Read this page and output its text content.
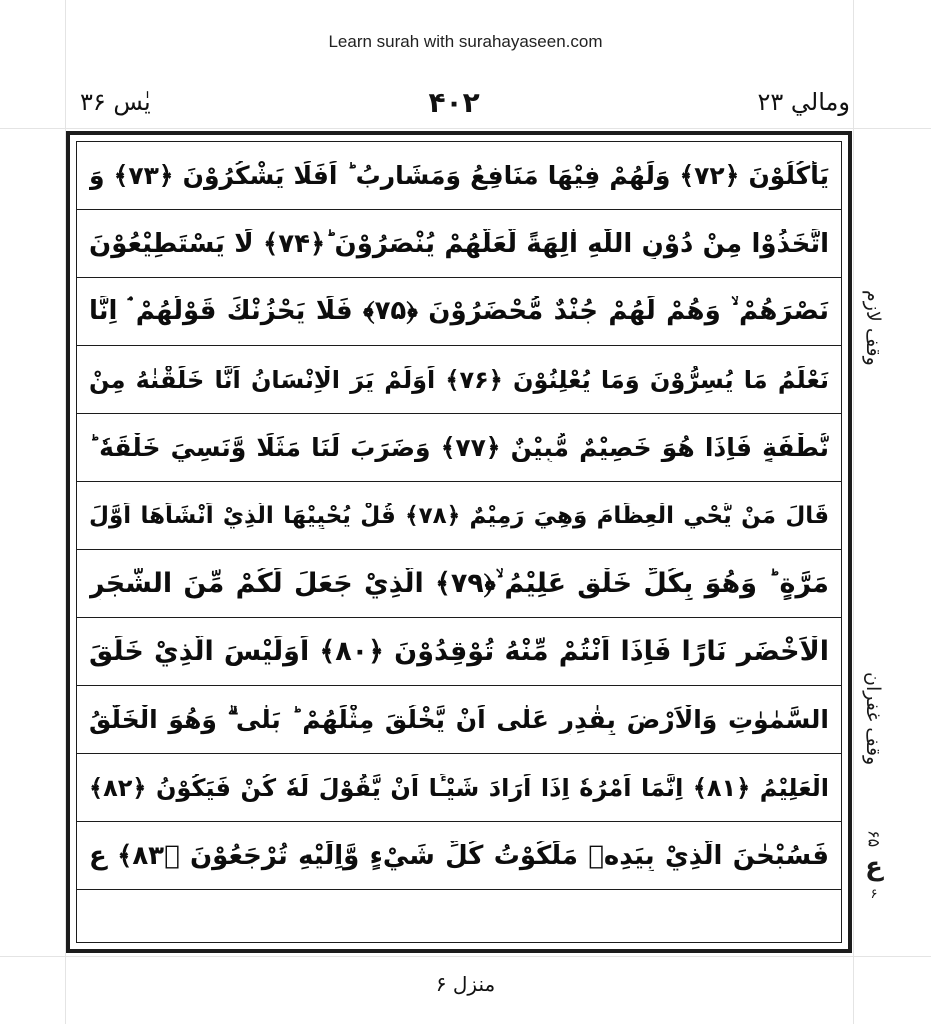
Learn surah with surahayaseen.com
ومالي ۲۳
۴۰۲
يٰس ۳۶
يَأْكُلُوْنَ ﴿۷۲﴾ وَلَهُمْ فِيْهَا مَنَافِعُ وَمَشَارِبُ ؕ اَفَلَا يَشْكُرُوْنَ ﴿۷۳﴾ وَ
اتَّخَذُوْا مِنْ دُوْنِ اللّٰهِ اٰلِهَةً لَّعَلَّهُمْ يُنْصَرُوْنَ ؕ﴿۷۴﴾ لَا يَسْتَطِيْعُوْنَ
نَصْرَهُمْ ۙ وَهُمْ لَهُمْ جُنْدٌ مُّحْضَرُوْنَ ﴿۷۵﴾ فَلَا يَحْزُنْكَ قَوْلُهُمْ ۘ اِنَّا
نَعْلَمُ مَا يُسِرُّوْنَ وَمَا يُعْلِنُوْنَ ﴿۷۶﴾ اَوَلَمْ يَرَ الْاِنْسَانُ اَنَّا خَلَقْنٰهُ مِنْ
نُّطْفَةٍ فَاِذَا هُوَ خَصِيْمٌ مُّبِيْنٌ ﴿۷۷﴾ وَضَرَبَ لَنَا مَثَلًا وَّنَسِيَ خَلْقَهٗ ؕ
قَالَ مَنْ يُّحْيِ الْعِظَامَ وَهِيَ رَمِيْمٌ ﴿۷۸﴾ قُلْ يُحْيِيْهَا الَّذِيْ اَنْشَاَهَا اَوَّلَ
مَرَّةٍ ؕ وَهُوَ بِكُلِّ خَلْقٍ عَلِيْمُ ۙ﴿۷۹﴾ الَّذِيْ جَعَلَ لَكُمْ مِّنَ الشَّجَرِ
الْاَخْضَرِ نَارًا فَاِذَا اَنْتُمْ مِّنْهُ تُوْقِدُوْنَ ﴿۸۰﴾ اَوَلَيْسَ الَّذِيْ خَلَقَ
السَّمٰوٰتِ وَالْاَرْضَ بِقٰدِرٍ عَلٰى اَنْ يَّخْلُقَ مِثْلَهُمْ ؕ بَلٰى ۗ وَهُوَ الْخَلّٰقُ
الْعَلِيْمُ ﴿۸۱﴾ اِنَّمَا اَمْرُهٗ اِذَا اَرَادَ شَيْـًٔا اَنْ يَّقُوْلَ لَهٗ كُنْ فَيَكُوْنُ ﴿۸۲﴾
فَسُبْحٰنَ الَّذِيْ بِيَدِهٖ مَلَكُوْتُ كُلِّ شَيْءٍ وَّاِلَيْهِ تُرْجَعُوْنَ ﴿۸۳﴾ ع
وقف لازم
وقف غفران
۶۵
ع
۶
منزل ۶
